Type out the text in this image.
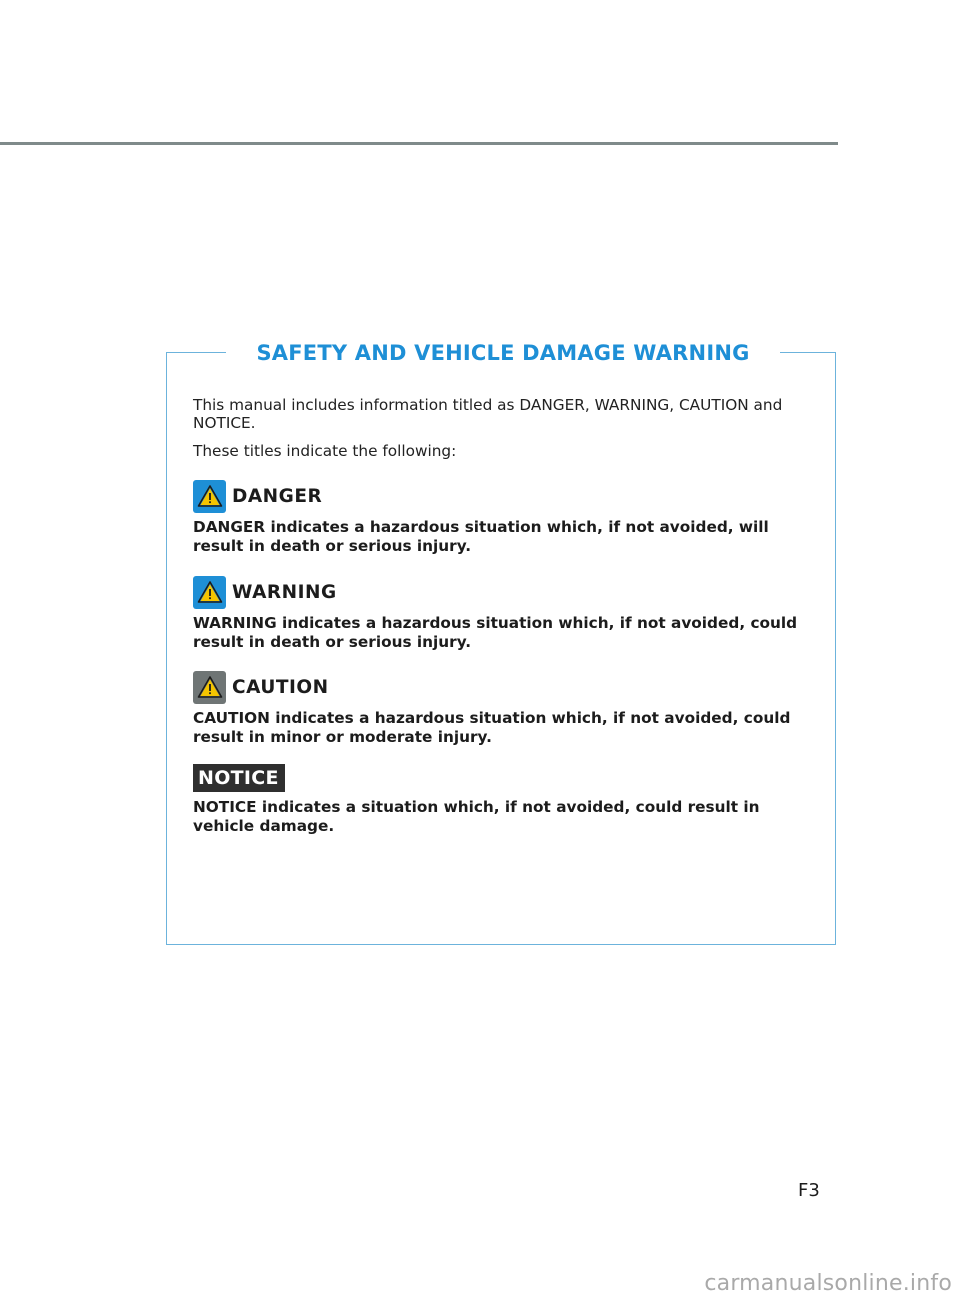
SAFETY AND VEHICLE DAMAGE WARNING

This manual includes information titled as DANGER, WARNING, CAUTION and NOTICE.

These titles indicate the following:

DANGER
DANGER indicates a hazardous situation which, if not avoided, will result in death or serious injury.
WARNING
WARNING indicates a hazardous situation which, if not avoided, could result in death or serious injury.
CAUTION
CAUTION indicates a hazardous situation which, if not avoided, could result in minor or moderate injury.
NOTICE
NOTICE indicates a situation which, if not avoided, could result in vehicle damage.
F3
carmanualsonline.info
